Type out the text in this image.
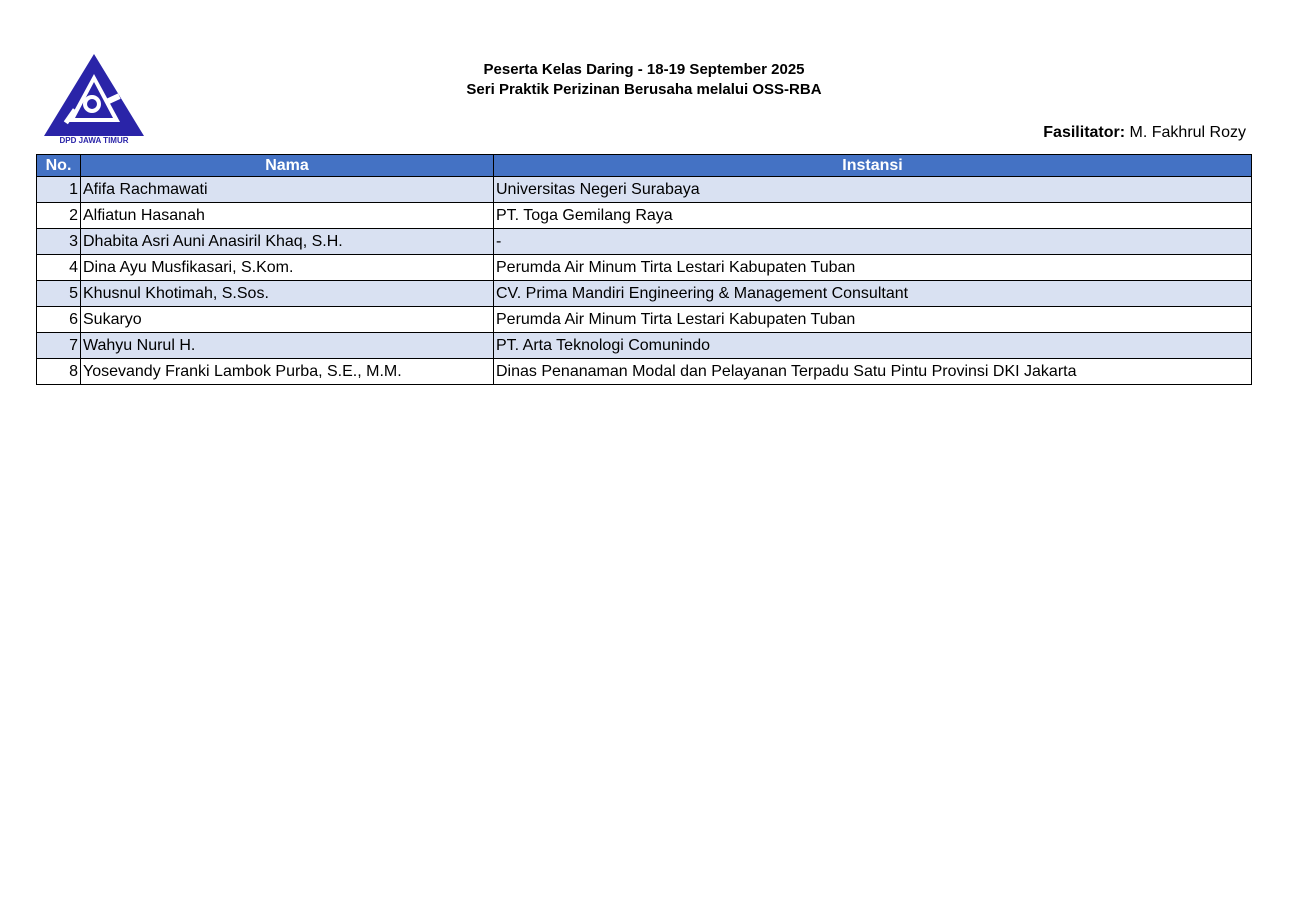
DPD JAWA TIMUR
Peserta Kelas Daring - 18-19 September 2025
Seri Praktik Perizinan Berusaha melalui OSS-RBA
Fasilitator: M. Fakhrul Rozy
No.	Nama	Instansi
1	Afifa Rachmawati	Universitas Negeri Surabaya
2	Alfiatun Hasanah	PT. Toga Gemilang Raya
3	Dhabita Asri Auni Anasiril Khaq, S.H.	-
4	Dina Ayu Musfikasari, S.Kom.	Perumda Air Minum Tirta Lestari Kabupaten Tuban
5	Khusnul Khotimah, S.Sos.	CV. Prima Mandiri Engineering & Management Consultant
6	Sukaryo	Perumda Air Minum Tirta Lestari Kabupaten Tuban
7	Wahyu Nurul H.	PT. Arta Teknologi Comunindo
8	Yosevandy Franki Lambok Purba, S.E., M.M.	Dinas Penanaman Modal dan Pelayanan Terpadu Satu Pintu Provinsi DKI Jakarta
